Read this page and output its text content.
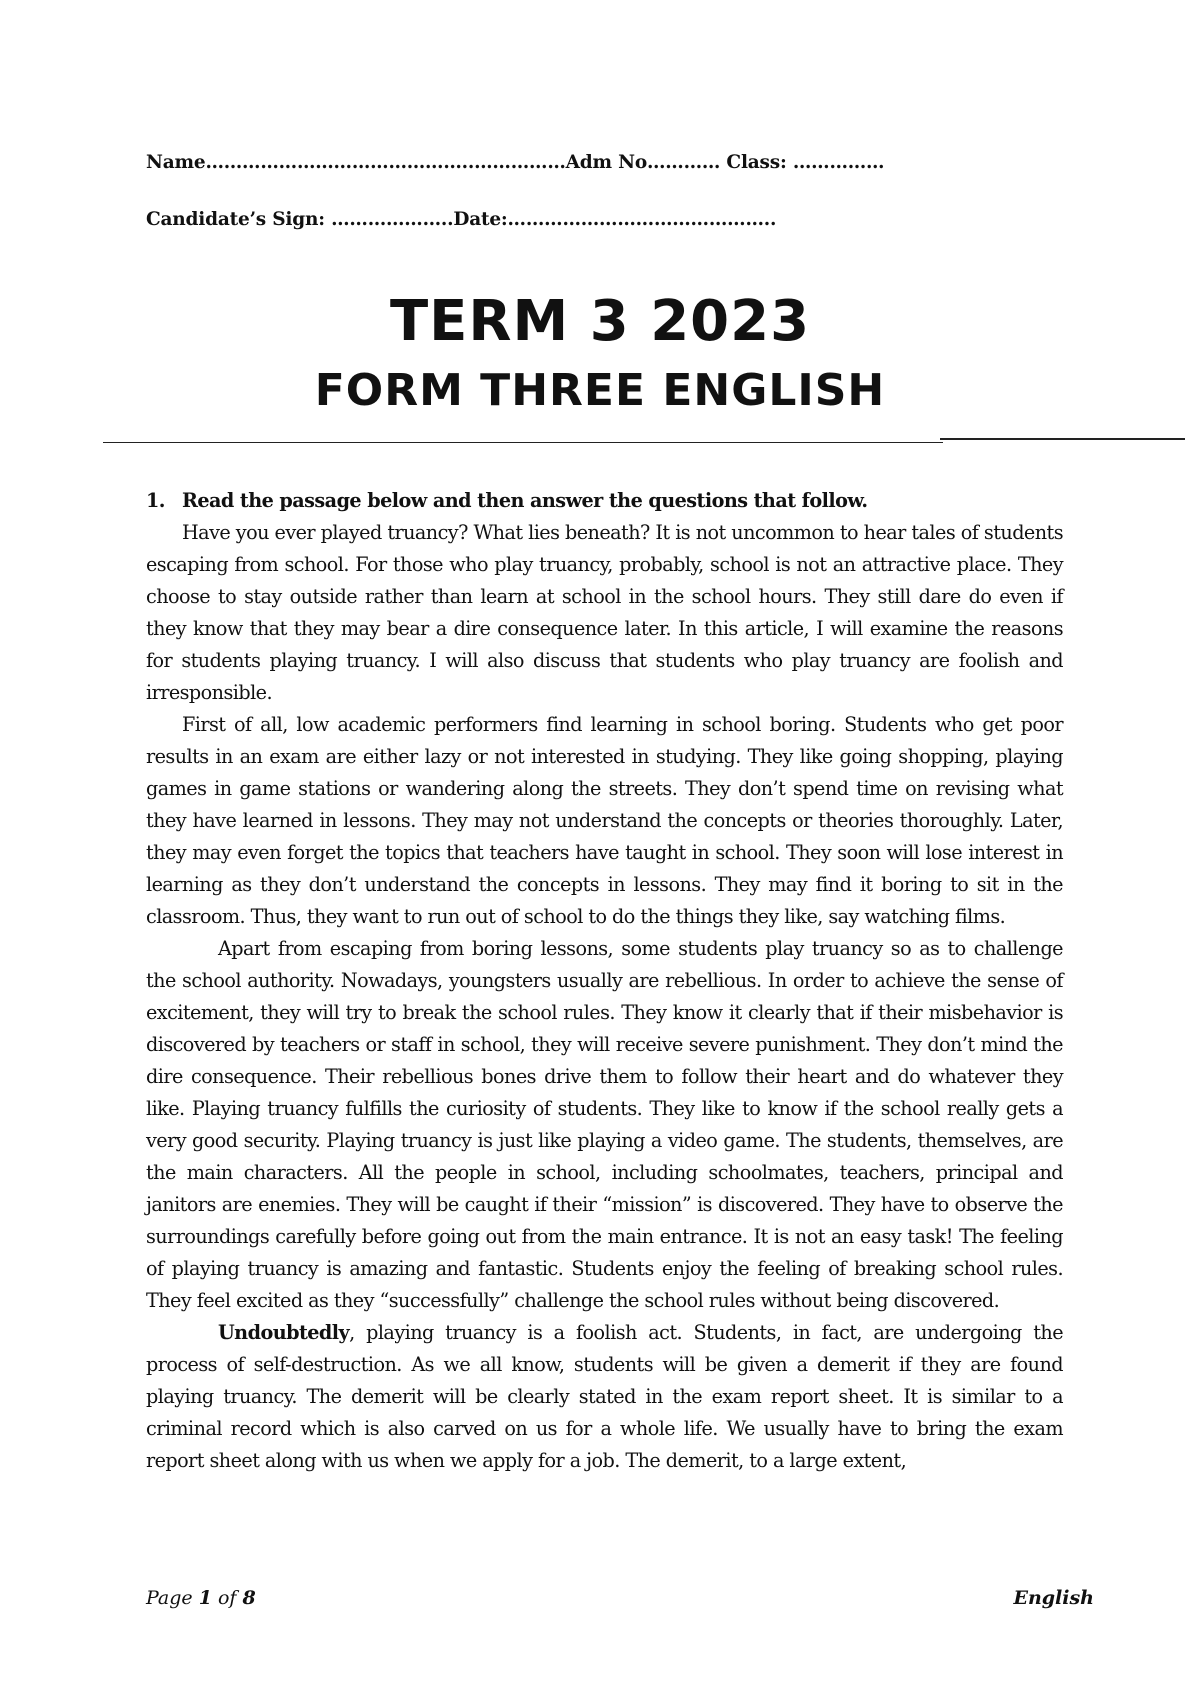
Name……………………………………..……………Adm No………… Class: ……………
Candidate’s Sign: ………………..Date:……………………………………..
TERM 3 2023
FORM THREE ENGLISH
1. Read the passage below and then answer the questions that follow.

Have you ever played truancy? What lies beneath? It is not uncommon to hear tales of students escaping from school. For those who play truancy, probably, school is not an attractive place. They choose to stay outside rather than learn at school in the school hours. They still dare do even if they know that they may bear a dire consequence later. In this article, I will examine the reasons for students playing truancy. I will also discuss that students who play truancy are foolish and irresponsible.

First of all, low academic performers find learning in school boring. Students who get poor results in an exam are either lazy or not interested in studying. They like going shopping, playing games in game stations or wandering along the streets. They don’t spend time on revising what they have learned in lessons. They may not understand the concepts or theories thoroughly. Later, they may even forget the topics that teachers have taught in school. They soon will lose interest in learning as they don’t understand the concepts in lessons. They may find it boring to sit in the classroom. Thus, they want to run out of school to do the things they like, say watching films.

Apart from escaping from boring lessons, some students play truancy so as to challenge the school authority. Nowadays, youngsters usually are rebellious. In order to achieve the sense of excitement, they will try to break the school rules. They know it clearly that if their misbehavior is discovered by teachers or staff in school, they will receive severe punishment. They don’t mind the dire consequence. Their rebellious bones drive them to follow their heart and do whatever they like. Playing truancy fulfills the curiosity of students. They like to know if the school really gets a very good security. Playing truancy is just like playing a video game. The students, themselves, are the main characters. All the people in school, including schoolmates, teachers, principal and janitors are enemies. They will be caught if their “mission” is discovered. They have to observe the surroundings carefully before going out from the main entrance. It is not an easy task! The feeling of playing truancy is amazing and fantastic. Students enjoy the feeling of breaking school rules. They feel excited as they “successfully” challenge the school rules without being discovered.

Undoubtedly, playing truancy is a foolish act. Students, in fact, are undergoing the process of self-destruction. As we all know, students will be given a demerit if they are found playing truancy. The demerit will be clearly stated in the exam report sheet. It is similar to a criminal record which is also carved on us for a whole life. We usually have to bring the exam report sheet along with us when we apply for a job. The demerit, to a large extent,

Page 1 of 8	English
